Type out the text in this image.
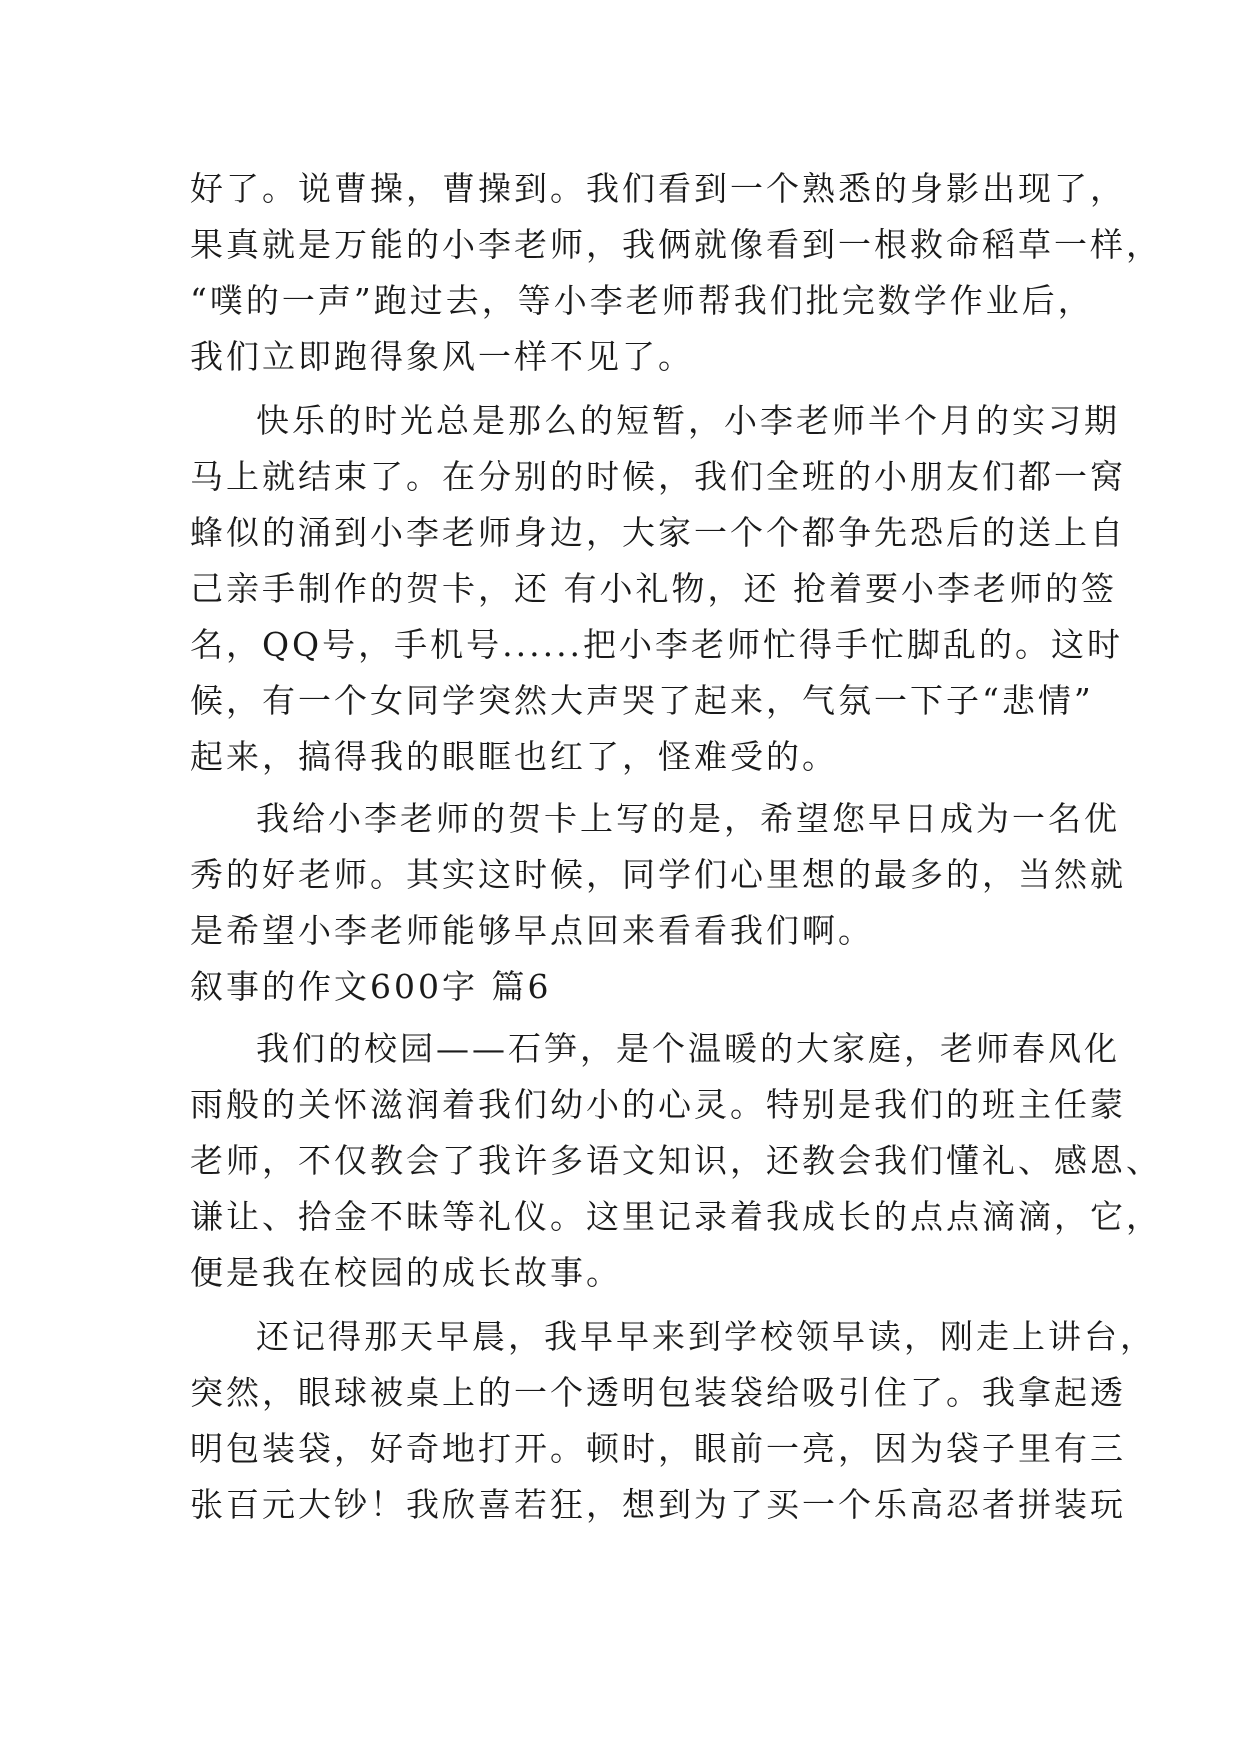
好了。说曹操，曹操到。我们看到一个熟悉的身影出现了，
果真就是万能的小李老师，我俩就像看到一根救命稻草一样，
“噗的一声”跑过去，等小李老师帮我们批完数学作业后，
我们立即跑得象风一样不见了。
快乐的时光总是那么的短暂，小李老师半个月的实习期
马上就结束了。在分别的时候，我们全班的小朋友们都一窝
蜂似的涌到小李老师身边，大家一个个都争先恐后的送上自
己亲手制作的贺卡，还 有小礼物，还 抢着要小李老师的签
名，QQ号，手机号......把小李老师忙得手忙脚乱的。这时
候，有一个女同学突然大声哭了起来，气氛一下子“悲情”
起来，搞得我的眼眶也红了，怪难受的。
我给小李老师的贺卡上写的是，希望您早日成为一名优
秀的好老师。其实这时候，同学们心里想的最多的，当然就
是希望小李老师能够早点回来看看我们啊。
叙事的作文600字 篇6
我们的校园——石笋，是个温暖的大家庭，老师春风化
雨般的关怀滋润着我们幼小的心灵。特别是我们的班主任蒙
老师，不仅教会了我许多语文知识，还教会我们懂礼、感恩、
谦让、拾金不昧等礼仪。这里记录着我成长的点点滴滴，它，
便是我在校园的成长故事。
还记得那天早晨，我早早来到学校领早读，刚走上讲台，
突然，眼球被桌上的一个透明包装袋给吸引住了。我拿起透
明包装袋，好奇地打开。顿时，眼前一亮，因为袋子里有三
张百元大钞！我欣喜若狂，想到为了买一个乐高忍者拼装玩
